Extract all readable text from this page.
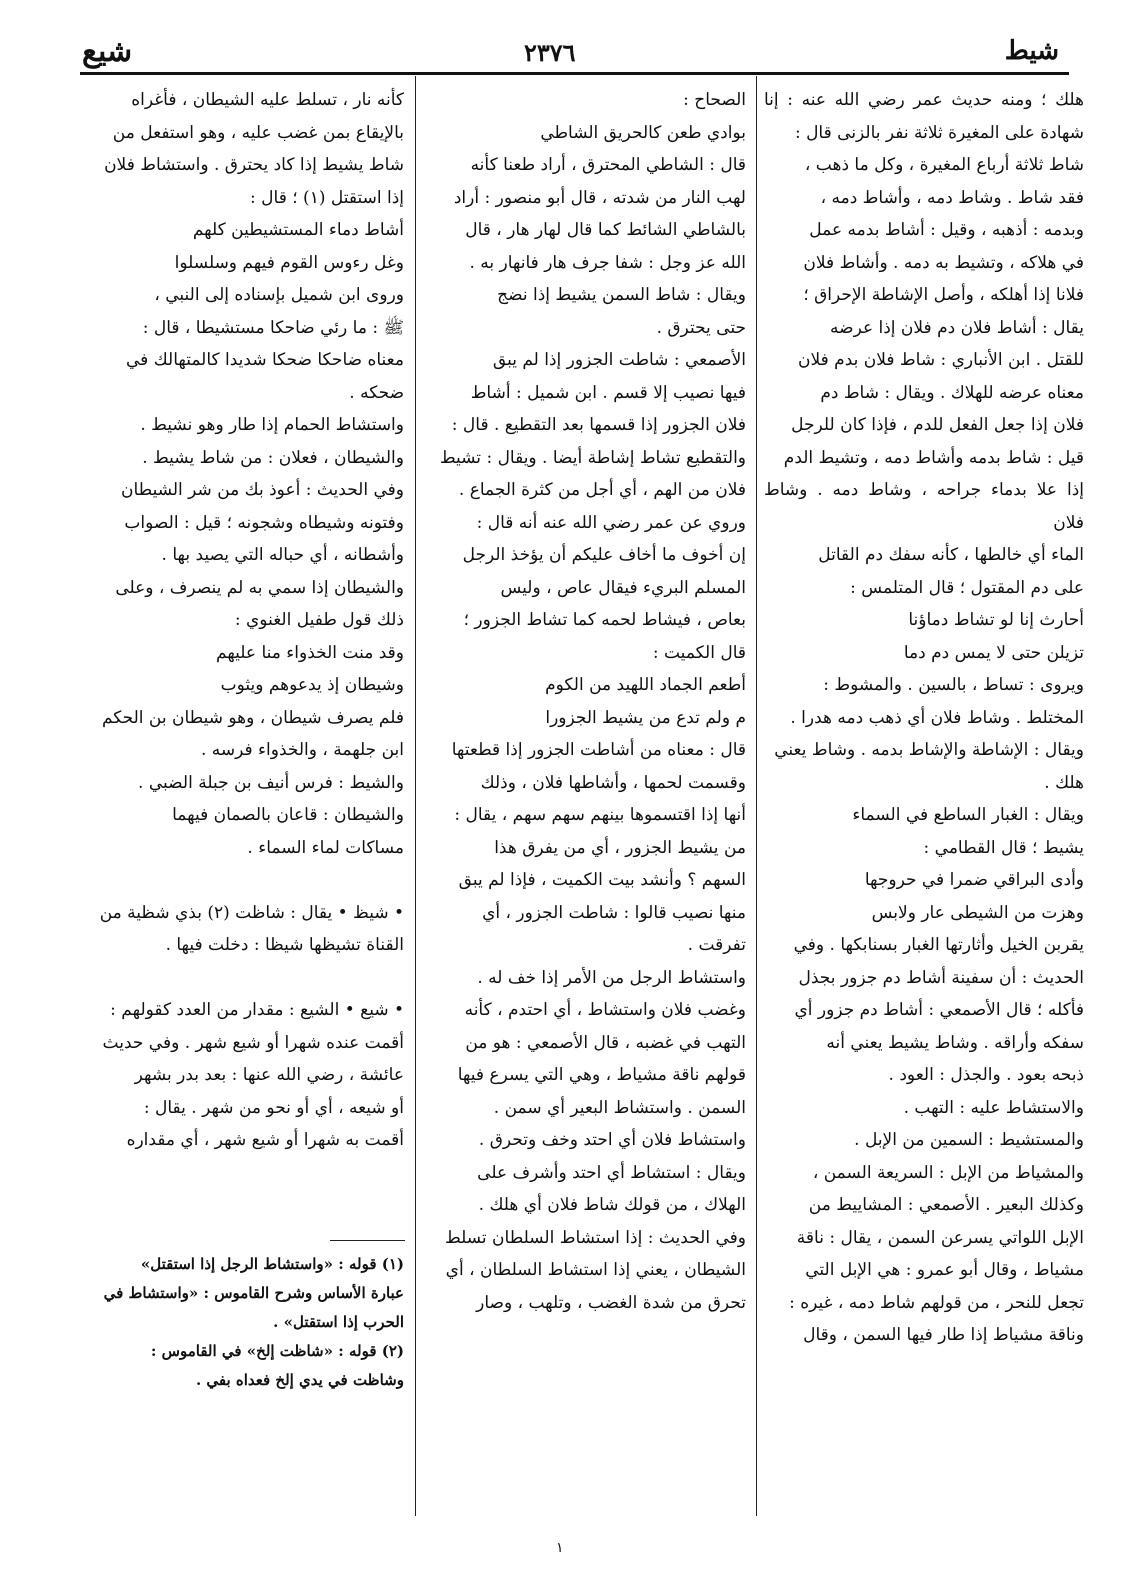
شيع	٢٣٧٦	شيط

هلك ؛ ومنه حديث عمر رضي الله عنه : إنا شهادة على المغيرة ثلاثة نفر بالزنى قال :

شاط ثلاثة أرباع المغيرة ، وكل ما ذهب ،

فقد شاط . وشاط دمه ، وأشاط دمه ،

وبدمه : أذهبه ، وقيل : أشاط بدمه عمل

في هلاكه ، وتشيط به دمه . وأشاط فلان

فلانا إذا أهلكه ، وأصل الإشاطة الإحراق ؛

يقال : أشاط فلان دم فلان إذا عرضه

للقتل . ابن الأنباري : شاط فلان بدم فلان

معناه عرضه للهلاك . ويقال : شاط دم

فلان إذا جعل الفعل للدم ، فإذا كان للرجل

قيل : شاط بدمه وأشاط دمه ، وتشيط الدم

إذا علا بدماء جراحه ، وشاط دمه . وشاط فلان

الماء أي خالطها ، كأنه سفك دم القاتل

على دم المقتول ؛ قال المتلمس :

أحارث إنا لو تشاط دماؤنا

تزيلن حتى لا يمس دم دما

ويروى : تساط ، بالسين . والمشوط :

المختلط . وشاط فلان أي ذهب دمه هدرا .

ويقال : الإشاطة والإشاط بدمه . وشاط يعني

هلك .

ويقال : الغبار الساطع في السماء

يشيط ؛ قال القطامي :

وأدى البراقي ضمرا في حروجها

وهزت من الشيطى عار ولابس

يقربن الخيل وأثارتها الغبار بسنابكها . وفي

الحديث : أن سفينة أشاط دم جزور بجذل

فأكله ؛ قال الأصمعي : أشاط دم جزور أي

سفكه وأراقه . وشاط يشيط يعني أنه

ذبحه بعود . والجذل : العود .

والاستشاط عليه : التهب .

والمستشيط : السمين من الإبل .

والمشياط من الإبل : السريعة السمن ،

وكذلك البعير . الأصمعي : المشاييط من

الإبل اللواتي يسرعن السمن ، يقال : ناقة

مشياط ، وقال أبو عمرو : هي الإبل التي

تجعل للنحر ، من قولهم شاط دمه ، غيره :

وناقة مشياط إذا طار فيها السمن ، وقال

الصحاح :

بوادي طعن كالحريق الشاطي

قال : الشاطي المحترق ، أراد طعنا كأنه

لهب النار من شدته ، قال أبو منصور : أراد

بالشاطي الشائط كما قال لهار هار ، قال

الله عز وجل : شفا جرف هار فانهار به .

ويقال : شاط السمن يشيط إذا نضج

حتى يحترق .

الأصمعي : شاطت الجزور إذا لم يبق

فيها نصيب إلا قسم . ابن شميل : أشاط

فلان الجزور إذا قسمها بعد التقطيع . قال :

والتقطيع تشاط إشاطة أيضا . ويقال : تشيط

فلان من الهم ، أي أجل من كثرة الجماع .

وروي عن عمر رضي الله عنه أنه قال :

إن أخوف ما أخاف عليكم أن يؤخذ الرجل

المسلم البريء فيقال عاص ، وليس

بعاص ، فيشاط لحمه كما تشاط الجزور ؛

قال الكميت :

أطعم الجماد اللهيد من الكوم

م ولم تدع من يشيط الجزورا

قال : معناه من أشاطت الجزور إذا قطعتها

وقسمت لحمها ، وأشاطها فلان ، وذلك

أنها إذا اقتسموها بينهم سهم سهم ، يقال :

من يشيط الجزور ، أي من يفرق هذا

السهم ؟ وأنشد بيت الكميت ، فإذا لم يبق

منها نصيب قالوا : شاطت الجزور ، أي

تفرقت .

واستشاط الرجل من الأمر إذا خف له .

وغضب فلان واستشاط ، أي احتدم ، كأنه

التهب في غضبه ، قال الأصمعي : هو من

قولهم ناقة مشياط ، وهي التي يسرع فيها

السمن . واستشاط البعير أي سمن .

واستشاط فلان أي احتد وخف وتحرق .

ويقال : استشاط أي احتد وأشرف على

الهلاك ، من قولك شاط فلان أي هلك .

وفي الحديث : إذا استشاط السلطان تسلط

الشيطان ، يعني إذا استشاط السلطان ، أي

تحرق من شدة الغضب ، وتلهب ، وصار

كأنه نار ، تسلط عليه الشيطان ، فأغراه

بالإيقاع بمن غضب عليه ، وهو استفعل من

شاط يشيط إذا كاد يحترق . واستشاط فلان

إذا استقتل (١) ؛ قال :

أشاط دماء المستشيطين كلهم

وغل رءوس القوم فيهم وسلسلوا

وروى ابن شميل بإسناده إلى النبي ،

ﷺ : ما رئي ضاحكا مستشيطا ، قال :

معناه ضاحكا ضحكا شديدا كالمتهالك في

ضحكه .

واستشاط الحمام إذا طار وهو نشيط .

والشيطان ، فعلان : من شاط يشيط .

وفي الحديث : أعوذ بك من شر الشيطان

وفتونه وشيطاه وشجونه ؛ قيل : الصواب

وأشطانه ، أي حباله التي يصيد بها .

والشيطان إذا سمي به لم ينصرف ، وعلى

ذلك قول طفيل الغنوي :

وقد منت الخذواء منا عليهم

وشيطان إذ يدعوهم ويثوب

فلم يصرف شيطان ، وهو شيطان بن الحكم

ابن جلهمة ، والخذواء فرسه .

والشيط : فرس أنيف بن جبلة الضبي .

والشيطان : قاعان بالصمان فيهما

مساكات لماء السماء .

• شيظ • يقال : شاظت (٢) بذي شظية من

القناة تشيظها شيظا : دخلت فيها .

• شيع • الشيع : مقدار من العدد كقولهم :

أقمت عنده شهرا أو شيع شهر . وفي حديث

عائشة ، رضي الله عنها : بعد بدر بشهر

أو شيعه ، أي أو نحو من شهر . يقال :

أقمت به شهرا أو شيع شهر ، أي مقداره

(١) قوله : «واستشاط الرجل إذا استقتل»

عبارة الأساس وشرح القاموس : «واستشاط في

الحرب إذا استقتل» .

(٢) قوله : «شاظت إلخ» في القاموس :

وشاظت في يدي إلخ فعداه بفي .

١
